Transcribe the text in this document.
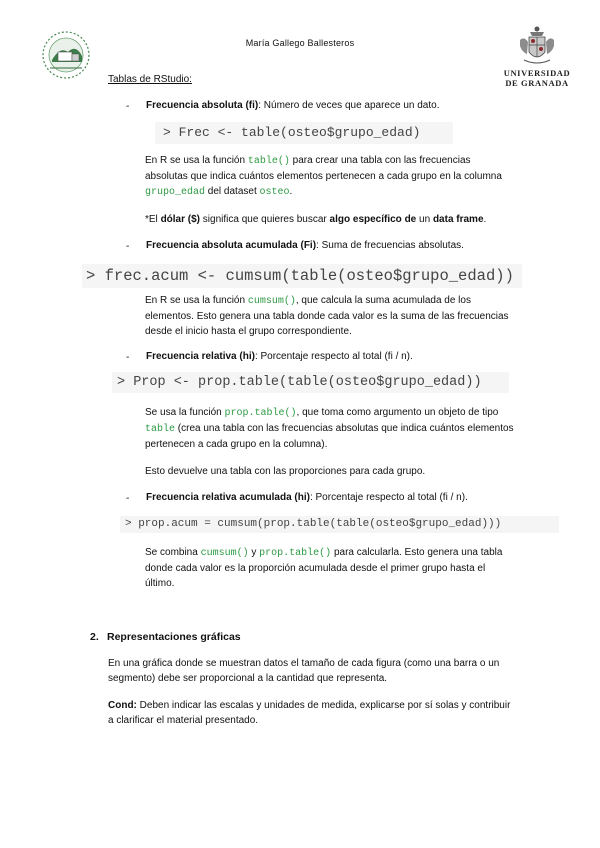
María Gallego Ballesteros
UNIVERSIDAD
DE GRANADA
Tablas de RStudio:
- Frecuencia absoluta (fi): Número de veces que aparece un dato.
> Frec <- table(osteo$grupo_edad)
En R se usa la función table() para crear una tabla con las frecuencias absolutas que indica cuántos elementos pertenecen a cada grupo en la columna grupo_edad del dataset osteo.
*El dólar ($) significa que quieres buscar algo específico de un data frame.
- Frecuencia absoluta acumulada (Fi): Suma de frecuencias absolutas.
> frec.acum <- cumsum(table(osteo$grupo_edad))
En R se usa la función cumsum(), que calcula la suma acumulada de los elementos. Esto genera una tabla donde cada valor es la suma de las frecuencias desde el inicio hasta el grupo correspondiente.
- Frecuencia relativa (hi): Porcentaje respecto al total (fi / n).
> Prop <- prop.table(table(osteo$grupo_edad))
Se usa la función prop.table(), que toma como argumento un objeto de tipo table (crea una tabla con las frecuencias absolutas que indica cuántos elementos pertenecen a cada grupo en la columna).
Esto devuelve una tabla con las proporciones para cada grupo.
- Frecuencia relativa acumulada (hi): Porcentaje respecto al total (fi / n).
> prop.acum = cumsum(prop.table(table(osteo$grupo_edad)))
Se combina cumsum() y prop.table() para calcularla. Esto genera una tabla donde cada valor es la proporción acumulada desde el primer grupo hasta el último.
2. Representaciones gráficas
En una gráfica donde se muestran datos el tamaño de cada figura (como una barra o un segmento) debe ser proporcional a la cantidad que representa.
Cond: Deben indicar las escalas y unidades de medida, explicarse por sí solas y contribuir a clarificar el material presentado.
